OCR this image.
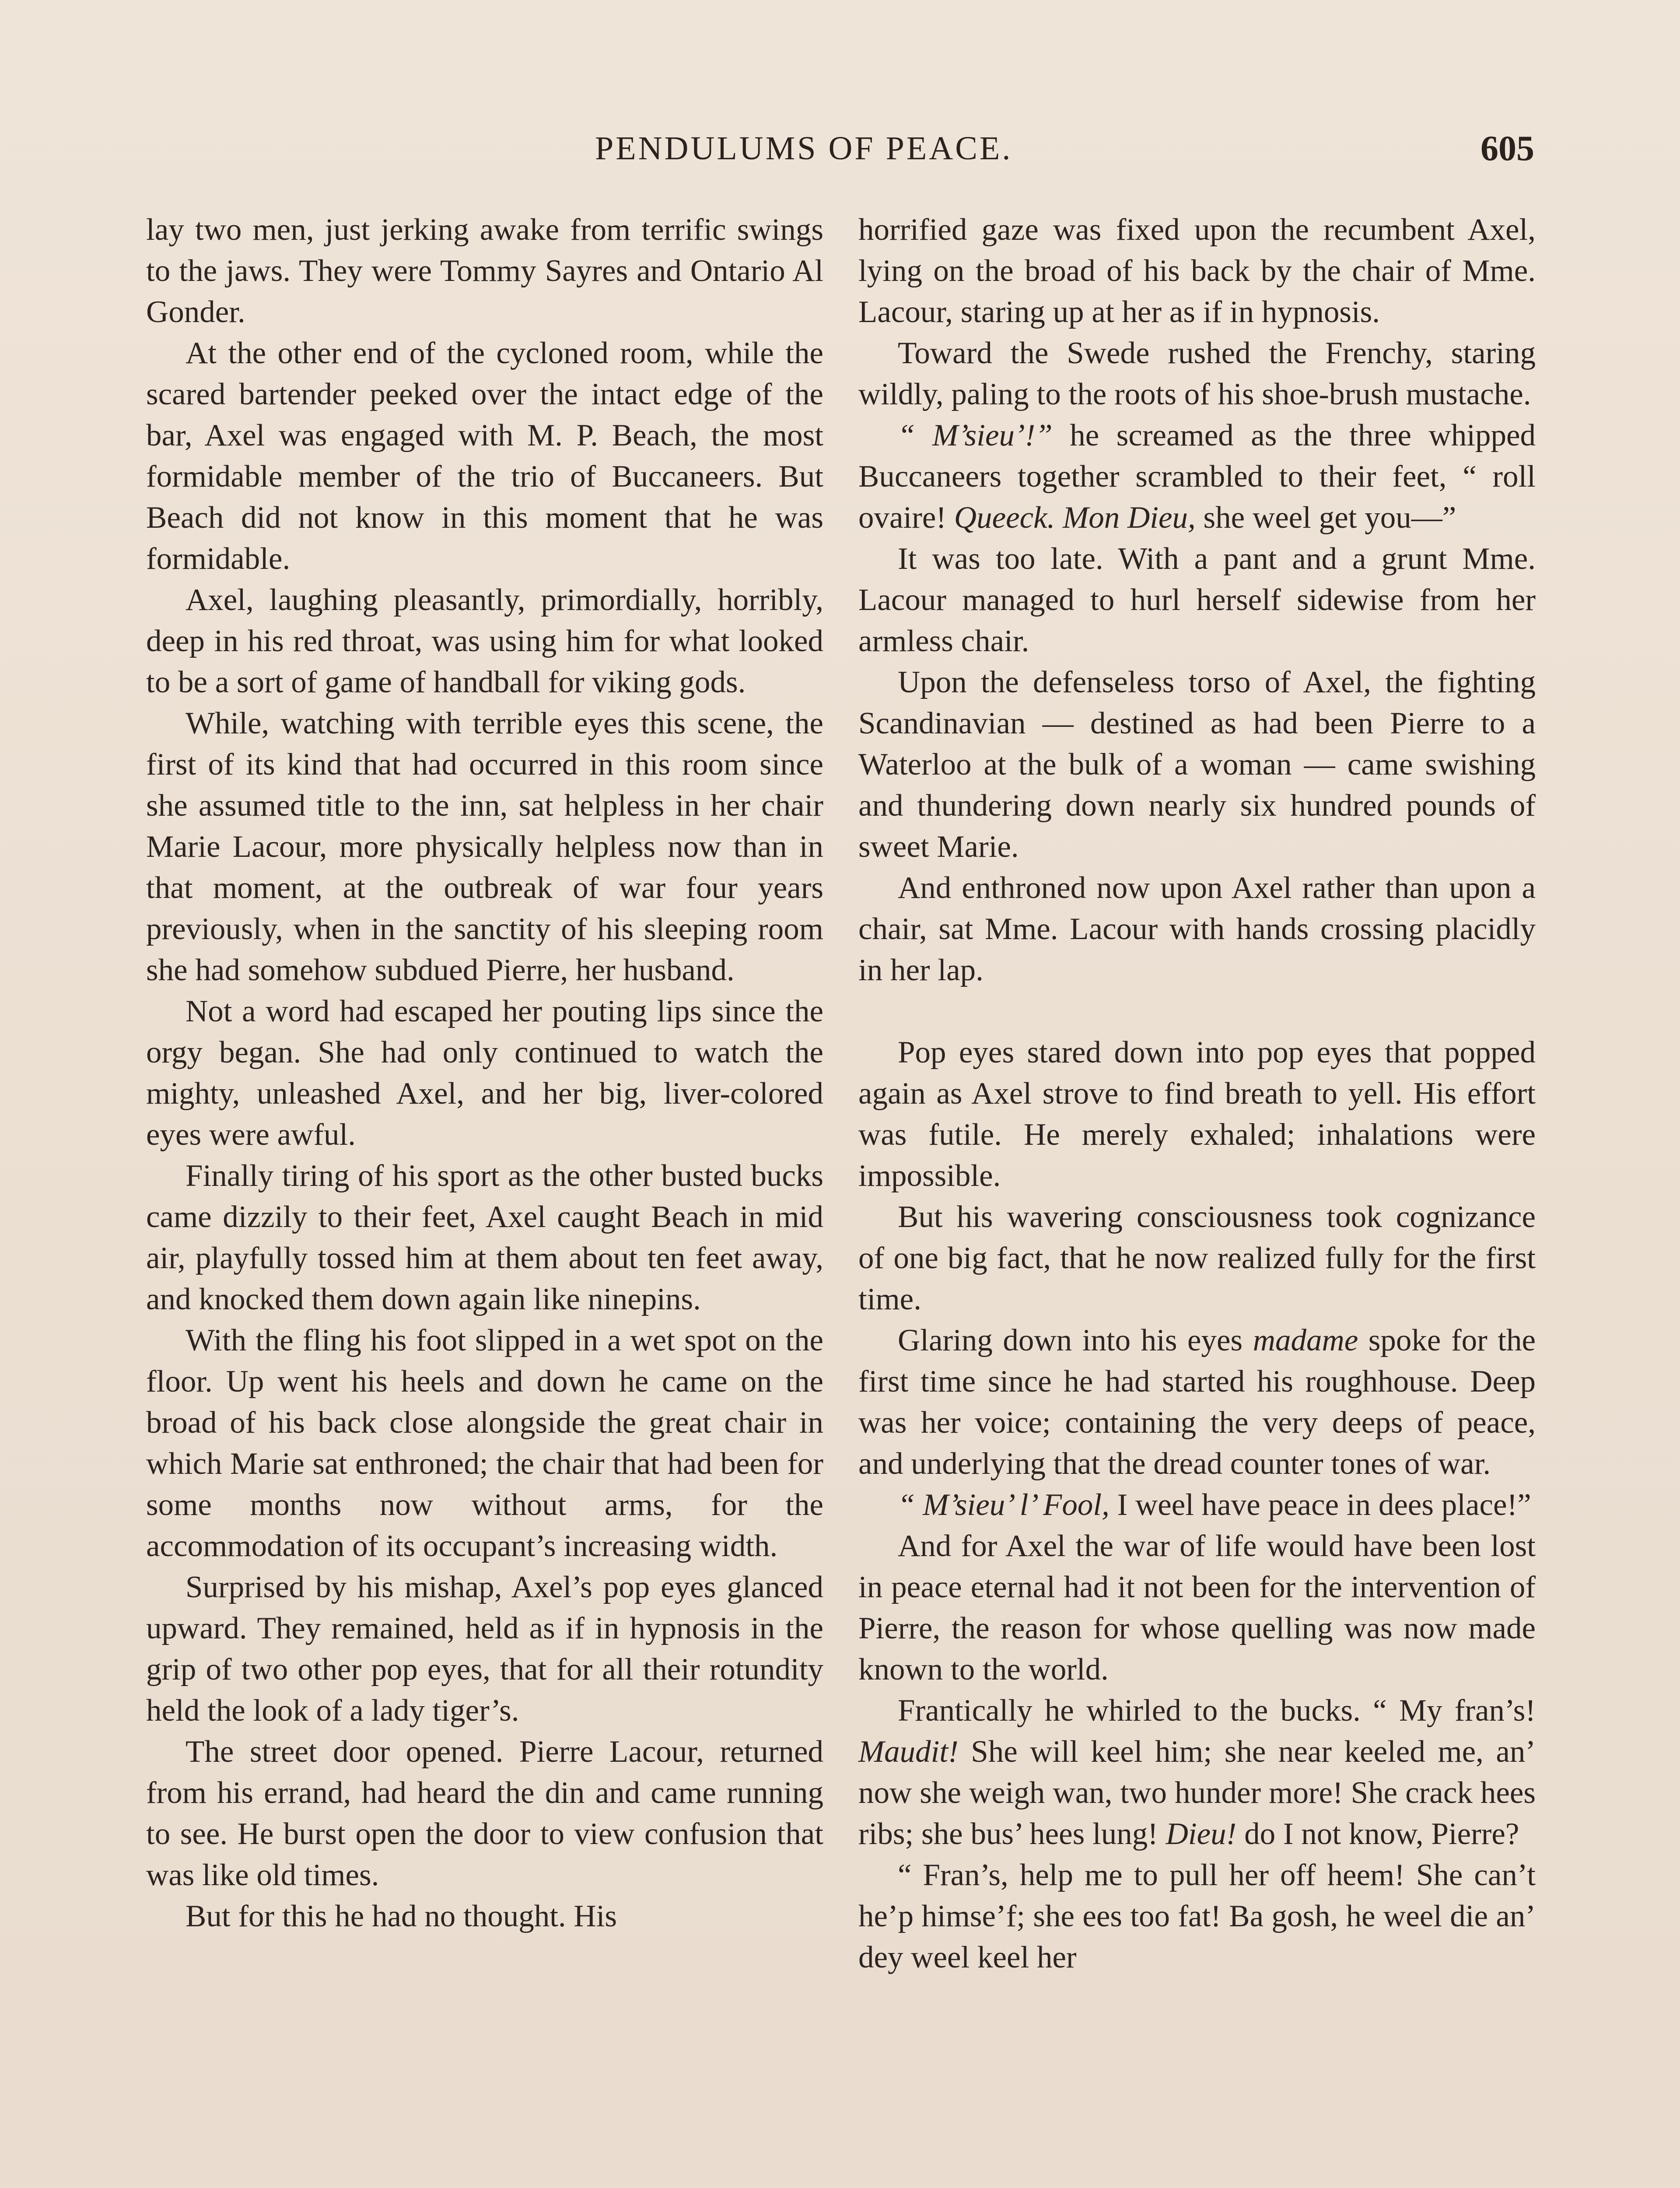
PENDULUMS OF PEACE.	605

lay two men, just jerking awake from terrific swings to the jaws. They were Tommy Sayres and Ontario Al Gonder.

At the other end of the cycloned room, while the scared bartender peeked over the intact edge of the bar, Axel was engaged with M. P. Beach, the most formidable member of the trio of Buccaneers. But Beach did not know in this moment that he was formidable.

Axel, laughing pleasantly, primordially, horribly, deep in his red throat, was using him for what looked to be a sort of game of handball for viking gods.

While, watching with terrible eyes this scene, the first of its kind that had occurred in this room since she assumed title to the inn, sat helpless in her chair Marie Lacour, more physically helpless now than in that moment, at the outbreak of war four years previously, when in the sanctity of his sleeping room she had somehow subdued Pierre, her husband.

Not a word had escaped her pouting lips since the orgy began. She had only continued to watch the mighty, unleashed Axel, and her big, liver-colored eyes were awful.

Finally tiring of his sport as the other busted bucks came dizzily to their feet, Axel caught Beach in mid air, playfully tossed him at them about ten feet away, and knocked them down again like ninepins.

With the fling his foot slipped in a wet spot on the floor. Up went his heels and down he came on the broad of his back close alongside the great chair in which Marie sat enthroned; the chair that had been for some months now without arms, for the accommodation of its occupant’s increasing width.

Surprised by his mishap, Axel’s pop eyes glanced upward. They remained, held as if in hypnosis in the grip of two other pop eyes, that for all their rotundity held the look of a lady tiger’s.

The street door opened. Pierre Lacour, returned from his errand, had heard the din and came running to see. He burst open the door to view confusion that was like old times.

But for this he had no thought. His

horrified gaze was fixed upon the recumbent Axel, lying on the broad of his back by the chair of Mme. Lacour, staring up at her as if in hypnosis.

Toward the Swede rushed the Frenchy, staring wildly, paling to the roots of his shoe-brush mustache.

“ M’sieu’!” he screamed as the three whipped Buccaneers together scrambled to their feet, “ roll ovaire! Queeck. Mon Dieu, she weel get you—”

It was too late. With a pant and a grunt Mme. Lacour managed to hurl herself sidewise from her armless chair.

Upon the defenseless torso of Axel, the fighting Scandinavian — destined as had been Pierre to a Waterloo at the bulk of a woman — came swishing and thundering down nearly six hundred pounds of sweet Marie.

And enthroned now upon Axel rather than upon a chair, sat Mme. Lacour with hands crossing placidly in her lap.

Pop eyes stared down into pop eyes that popped again as Axel strove to find breath to yell. His effort was futile. He merely exhaled; inhalations were impossible.

But his wavering consciousness took cognizance of one big fact, that he now realized fully for the first time.

Glaring down into his eyes madame spoke for the first time since he had started his roughhouse. Deep was her voice; containing the very deeps of peace, and underlying that the dread counter tones of war.

“ M’sieu’ l’ Fool, I weel have peace in dees place!”

And for Axel the war of life would have been lost in peace eternal had it not been for the intervention of Pierre, the reason for whose quelling was now made known to the world.

Frantically he whirled to the bucks. “ My fran’s! Maudit! She will keel him; she near keeled me, an’ now she weigh wan, two hunder more! She crack hees ribs; she bus’ hees lung! Dieu! do I not know, Pierre?

“ Fran’s, help me to pull her off heem! She can’t he’p himse’f; she ees too fat! Ba gosh, he weel die an’ dey weel keel her
